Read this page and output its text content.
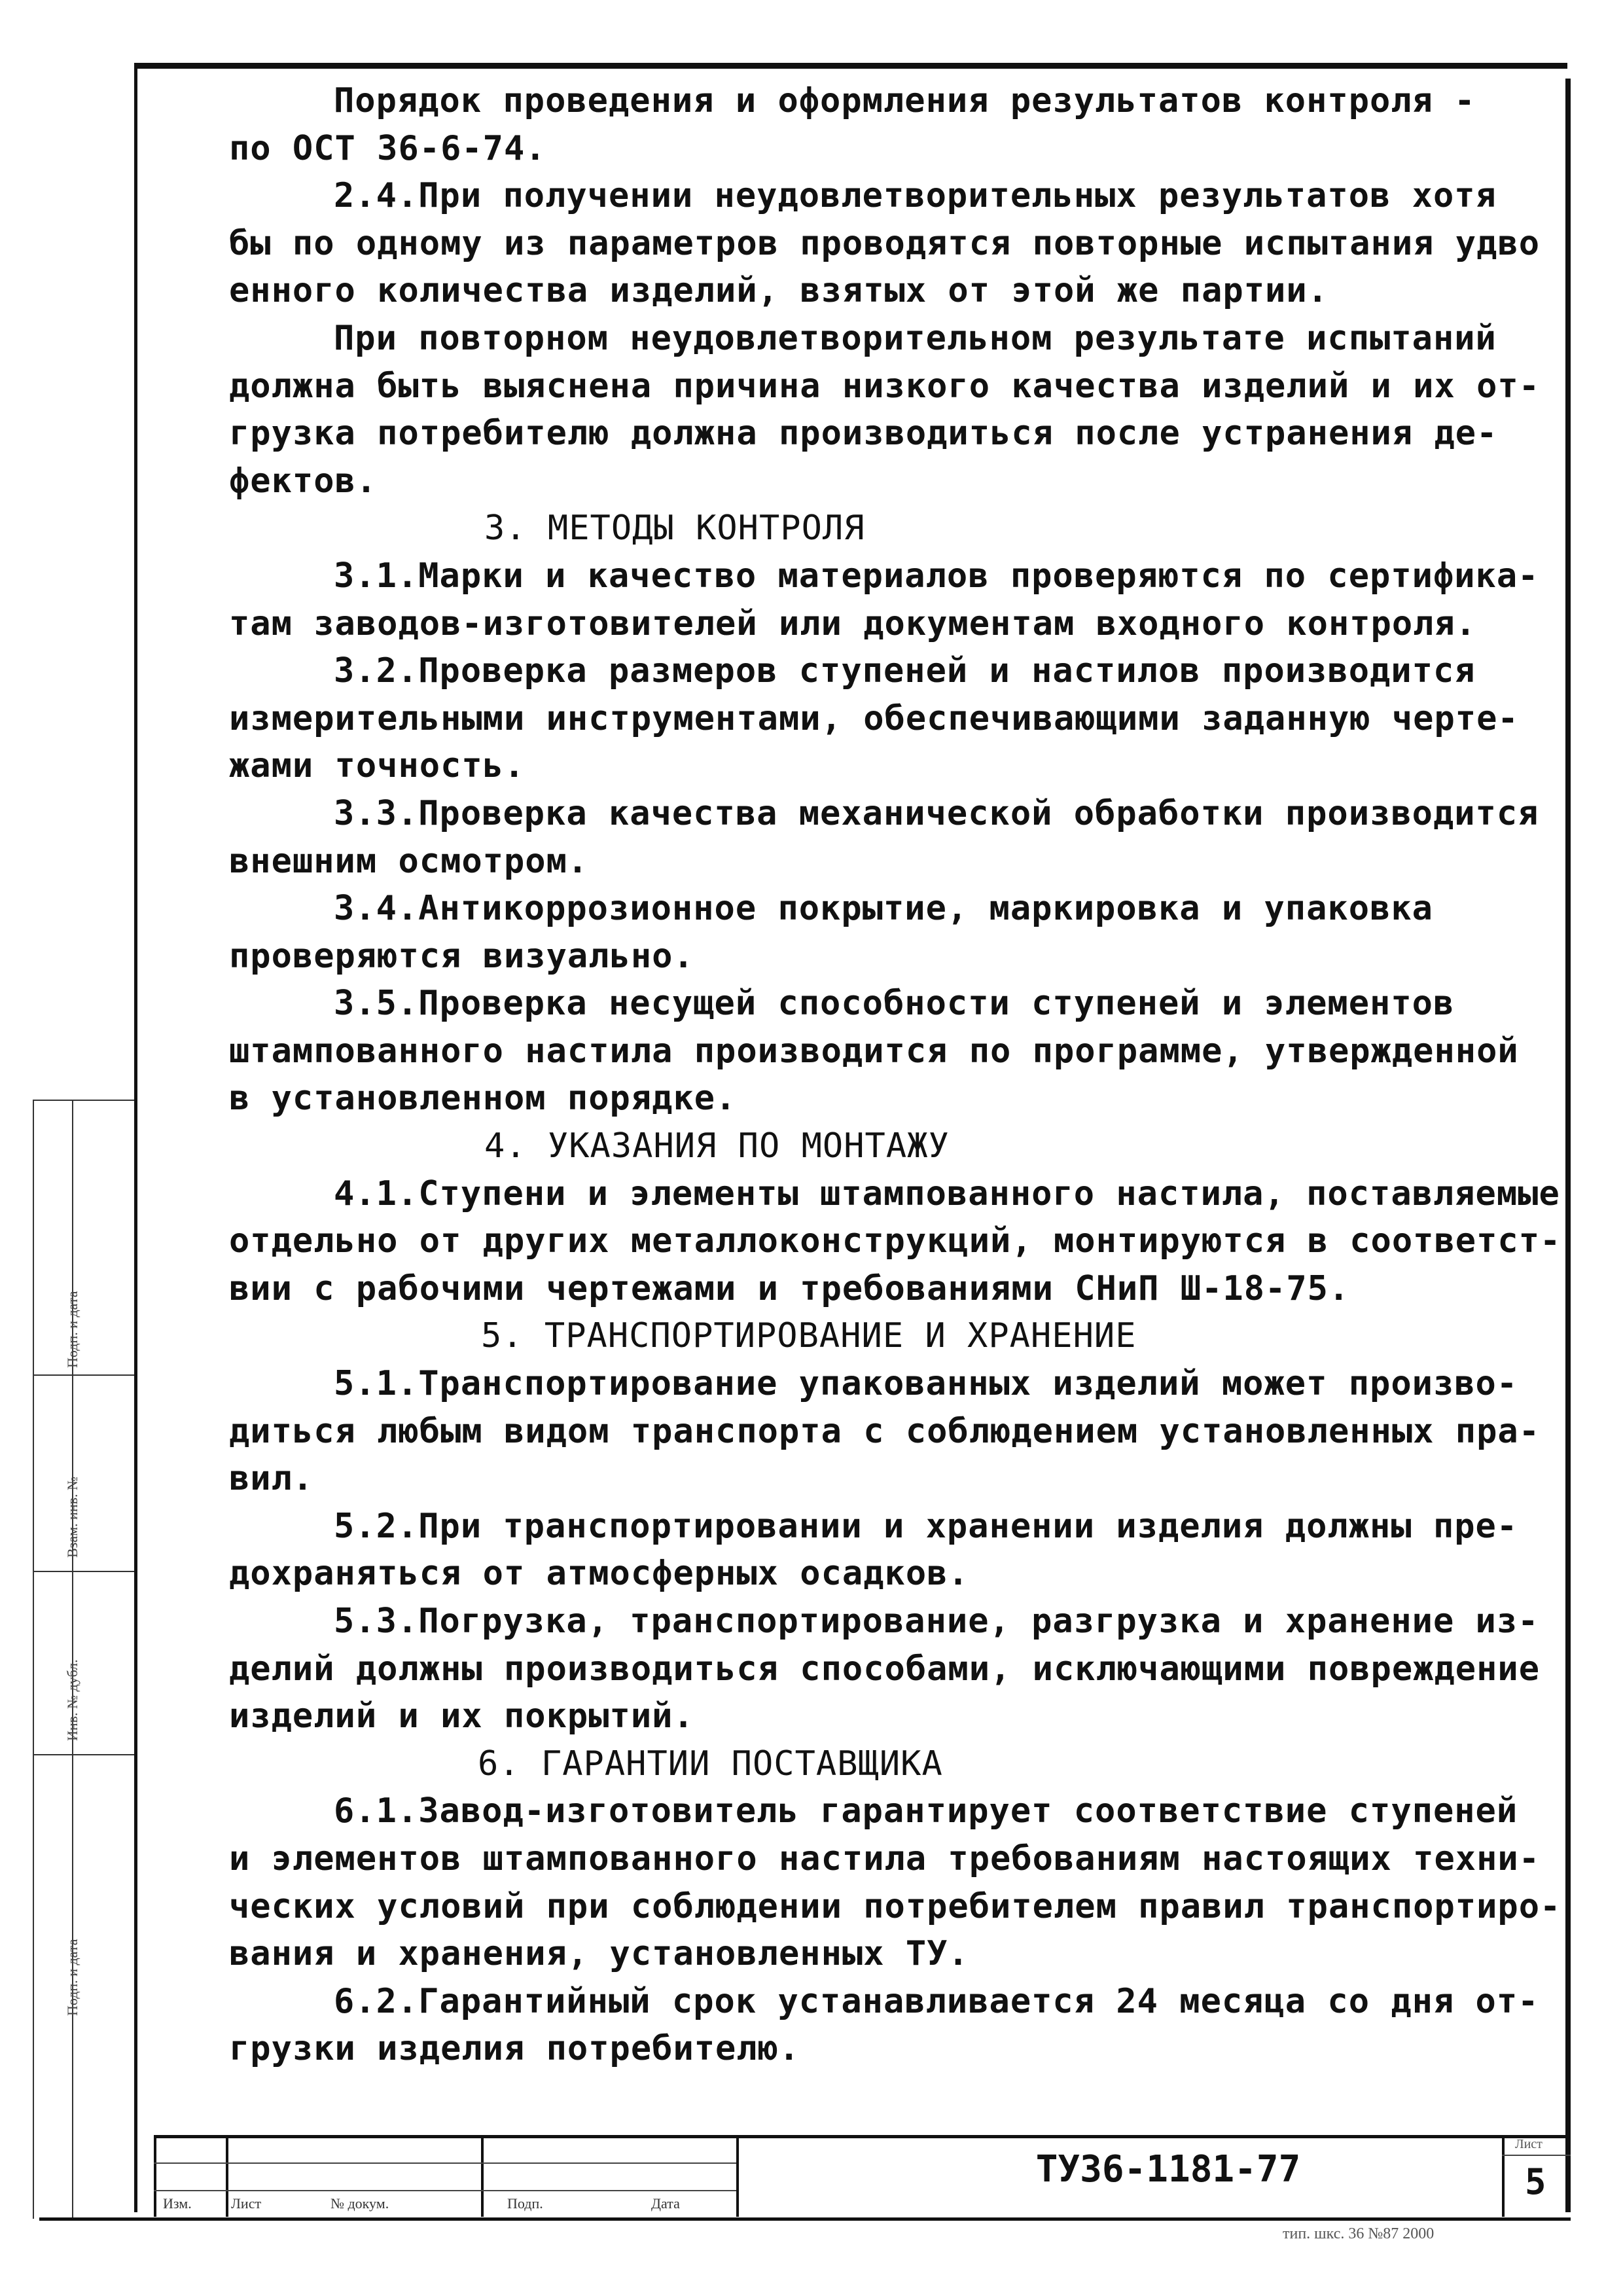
Порядок проведения и оформления результатов контроля -
по ОСТ 36-6-74.
2.4.При получении неудовлетворительных результатов хотя
бы по одному из параметров проводятся повторные испытания удво
енного количества изделий, взятых от этой же партии.
При повторном неудовлетворительном результате испытаний
должна быть выяснена причина низкого качества изделий и их от-
грузка потребителю должна производиться после устранения де-
фектов.
3. МЕТОДЫ КОНТРОЛЯ
3.1.Марки и качество материалов проверяются по сертифика-
там заводов-изготовителей или документам входного контроля.
3.2.Проверка размеров ступеней и настилов производится
измерительными инструментами, обеспечивающими заданную черте-
жами точность.
3.3.Проверка качества механической обработки производится
внешним осмотром.
3.4.Антикоррозионное покрытие, маркировка и упаковка
проверяются визуально.
3.5.Проверка несущей способности ступеней и элементов
штампованного настила производится по программе, утвержденной
в установленном порядке.
4. УКАЗАНИЯ ПО МОНТАЖУ
4.1.Ступени и элементы штампованного настила, поставляемые
отдельно от других металлоконструкций, монтируются в соответст-
вии с рабочими чертежами и требованиями СНиП Ш-18-75.
5. ТРАНСПОРТИРОВАНИЕ И ХРАНЕНИЕ
5.1.Транспортирование упакованных изделий может произво-
диться любым видом транспорта с соблюдением установленных пра-
вил.
5.2.При транспортировании и хранении изделия должны пре-
дохраняться от атмосферных осадков.
5.3.Погрузка, транспортирование, разгрузка и хранение из-
делий должны производиться способами, исключающими повреждение
изделий и их покрытий.
6. ГАРАНТИИ ПОСТАВЩИКА
6.1.Завод-изготовитель гарантирует соответствие ступеней
и элементов штампованного настила требованиям настоящих техни-
ческих условий при соблюдении потребителем правил транспортиро-
вания и хранения, установленных ТУ.
6.2.Гарантийный срок устанавливается 24 месяца со дня от-
грузки изделия потребителю.
Подп. и дата
Взам. инв. №
Инв. № дубл.
Подп. и дата
Изм.	Лист	№ докум.	Подп.	Дата
ТУ36-1181-77
Лист
5
тип. шкс. 36 №87 2000
